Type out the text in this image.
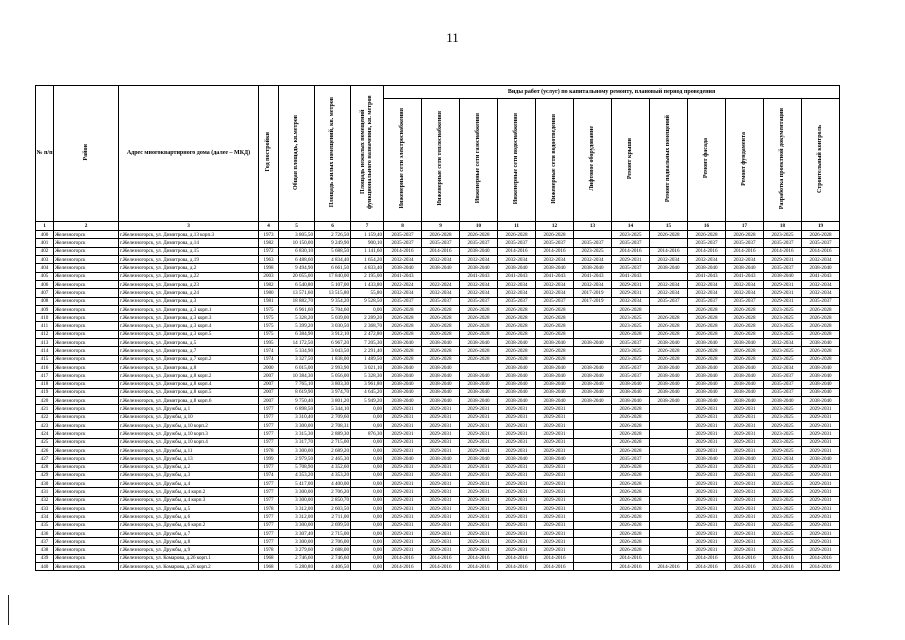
11
№ п/п	Район	Адрес многоквартирного дома (далее – МКД)	Год постройки	Общая площадь, кв.метров	Площадь жилых помещений, кв. метров	Площадь нежилых помещений функционального назначения, кв. метров	Виды работ (услуг) по капитальному ремонту, плановый период проведения											
							Инженерные сети электроснабжения	Инженерные сети теплоснабжения	Инженерные сети газоснабжения	Инженерные сети водоснабжения	Инженерные сети водоотведения	Лифтовое оборудование	Ремонт крыши	Ремонт подвальных помещений	Ремонт фасада	Ремонт фундамента	Разработка проектной документации	Строительный контроль
1	2	3	4	5	6	7	8	9	10	11	12	13	14	15	16	17	18	19
400	Железногорск	г.Железногорск, ул. Димитрова, д.13 корп.3	1973	3 805,50	2 726,50	1 159,40	2035-2037	2026-2028	2026-2028	2026-2028	2026-2028		2023-2025	2026-2028	2026-2028	2026-2028	2023-2025	2026-2028
401	Железногорск	г.Железногорск, ул. Димитрова, д.14	1982	10 150,00	9 249,90	900,10	2035-2037	2035-2037	2035-2037	2035-2037	2035-2037	2035-2037	2035-2037		2035-2037	2035-2037	2035-2037	2035-2037
402	Железногорск	г.Железногорск, ул. Димитрова, д.15	1972	6 830,10	5 688,50	1 141,60	2014-2016	2014-2016	2038-2040	2014-2016	2014-2016	2023-2025	2014-2016	2014-2016	2014-2016	2014-2016	2014-2016	2014-2016
403	Железногорск	г.Железногорск, ул. Димитрова, д.19	1963	6 488,60	4 834,40	1 654,20	2032-2034	2032-2034	2032-2034	2032-2034	2032-2034	2032-2034	2029-2031	2032-2034	2032-2034	2032-2034	2029-2031	2032-2034
404	Железногорск	г.Железногорск, ул. Димитрова, д.2	1998	9 494,90	6 661,50	4 833,40	2038-2040	2038-2040	2038-2040	2038-2040	2038-2040	2038-2040	2035-2037	2038-2040	2038-2040	2038-2040	2035-2037	2038-2040
405	Железногорск	г.Железногорск, ул. Димитрова, д.22	2003	20 055,00	17 840,00	2 195,00	2041-2043		2041-2043	2041-2043	2041-2043	2041-2043	2041-2043		2041-2043	2041-2043	2038-2040	2041-2043
406	Железногорск	г.Железногорск, ул. Димитрова, д.23	1982	6 540,80	5 107,00	1 433,80	2022-2024	2022-2024	2032-2034	2032-2034	2032-2034	2032-2034	2029-2031	2032-2034	2032-2034	2032-2034	2029-2031	2032-2034
407	Железногорск	г.Железногорск, ул. Димитрова, д.24	1980	13 571,60	13 515,80	55,80	2032-2034	2032-2034	2032-2034	2032-2034	2032-2034	2017-2019	2029-2031	2032-2034	2032-2034	2032-2034	2029-2031	2032-2034
408	Железногорск	г.Железногорск, ул. Димитрова, д.3	1981	18 882,70	9 354,20	9 528,50	2035-2037	2035-2037	2035-2037	2035-2037	2035-2037	2017-2019	2032-2034	2035-2037	2035-2037	2035-2037	2029-2031	2035-2037
409	Железногорск	г.Железногорск, ул. Димитрова, д.3 корп.1	1975	6 961,60	5 704,60	0,00	2026-2028	2026-2028	2026-2028	2026-2028	2026-2028		2026-2028		2026-2028	2026-2028	2023-2025	2026-2028
410	Железногорск	г.Железногорск, ул. Димитрова, д.3 корп.3	1975	5 328,20	5 039,00	2 289,20	2026-2028	2026-2028	2026-2028	2026-2028	2026-2028		2023-2025	2026-2028	2026-2028	2026-2028	2023-2025	2026-2028
411	Железногорск	г.Железногорск, ул. Димитрова, д.3 корп.4	1975	5 399,20	3 030,50	2 368,70	2026-2028	2026-2028	2026-2028	2026-2028	2026-2028		2023-2025	2026-2028	2026-2028	2026-2028	2023-2025	2026-2028
412	Железногорск	г.Железногорск, ул. Димитрова, д.3 корп.5	1975	6 384,90	3 912,10	2 472,80	2026-2028	2026-2028	2026-2028	2026-2028	2026-2028		2026-2028	2026-2028	2026-2028	2026-2028	2023-2025	2026-2028
413	Железногорск	г.Железногорск, ул. Димитрова, д.5	1995	14 172,50	6 967,20	7 205,30	2038-2040	2038-2040	2038-2040	2038-2040	2038-2040	2038-2040	2035-2037	2038-2040	2038-2040	2038-2040	2032-2034	2038-2040
414	Железногорск	г.Железногорск, ул. Димитрова, д.7	1974	5 334,90	3 043,50	2 291,40	2026-2028	2026-2028	2026-2028	2026-2028	2026-2028		2023-2025	2026-2028	2026-2028	2026-2028	2023-2025	2026-2028
415	Железногорск	г.Железногорск, ул. Димитрова, д.7 корп.2	1974	3 327,50	1 838,00	1 489,50	2026-2028	2026-2028	2026-2028	2026-2028	2026-2028		2023-2025	2026-2028	2026-2028	2026-2028	2023-2025	2026-2028
416	Железногорск	г.Железногорск, ул. Димитрова, д.8	2000	6 015,00	2 993,90	3 021,10	2038-2040	2038-2040		2038-2040	2038-2040	2038-2040	2035-2037	2038-2040	2038-2040	2038-2040	2032-2034	2038-2040
417	Железногорск	г.Железногорск, ул. Димитрова, д.8 корп.2	2007	10 384,30	5 056,00	5 328,30	2038-2040	2038-2040	2038-2040	2038-2040	2038-2040	2038-2040	2035-2037	2038-2040	2038-2040	2038-2040	2035-2037	2038-2040
418	Железногорск	г.Железногорск, ул. Димитрова, д.8 корп.4	2007	7 765,10	3 803,30	3 961,80	2038-2040	2038-2040	2038-2040	2038-2040	2038-2040	2038-2040	2038-2040	2038-2040	2038-2040	2038-2040	2035-2037	2038-2040
419	Железногорск	г.Железногорск, ул. Димитрова, д.8 корп.5	2007	8 619,90	3 974,70	4 645,20	2038-2040	2038-2040	2038-2040	2038-2040	2038-2040	2038-2040	2038-2040	2038-2040	2038-2040	2038-2040	2035-2037	2038-2040
420	Железногорск	г.Железногорск, ул. Димитрова, д.8 корп.6	2007	9 750,40	3 801,20	5 949,20	2038-2040	2038-2040	2038-2040	2038-2040	2038-2040	2038-2040	2038-2040	2038-2040	2038-2040	2038-2040	2038-2040	2038-2040
421	Железногорск	г.Железногорск, ул. Дружбы, д.1	1977	6 898,50	5 344,10	0,00	2029-2031	2029-2031	2029-2031	2029-2031	2029-2031		2026-2028		2029-2031	2029-2031	2023-2025	2029-2031
422	Железногорск	г.Железногорск, ул. Дружбы, д.10	1977	3 310,40	2 709,60	0,00	2029-2031	2029-2031	2029-2031	2029-2031	2029-2031		2026-2028		2029-2031	2029-2031	2023-2025	2029-2031
423	Железногорск	г.Железногорск, ул. Дружбы, д.10 корп.2	1977	3 300,00	2 708,31	0,00	2029-2031	2029-2031	2029-2031	2029-2031	2029-2031		2026-2028		2029-2031	2029-2031	2029-2025	2029-2031
424	Железногорск	г.Железногорск, ул. Дружбы, д.10 корп.3	1977	3 315,30	2 889,30	876,30	2029-2031	2029-2031	2029-2031	2029-2031	2029-2031		2026-2028		2029-2031	2029-2031	2023-2025	2029-2031
425	Железногорск	г.Железногорск, ул. Дружбы, д.10 корп.4	1977	3 317,70	2 715,00	0,00	2029-2031	2029-2031	2029-2031	2029-2031	2029-2031		2026-2028		2029-2031	2029-2031	2023-2025	2029-2031
426	Железногорск	г.Железногорск, ул. Дружбы, д.11	1978	3 300,00	2 689,20	0,00	2029-2031	2029-2031	2029-2031	2029-2031	2029-2031		2026-2028		2029-2031	2029-2031	2029-2025	2029-2031
427	Железногорск	г.Железногорск, ул. Дружбы, д.13	1999	2 979,50	2 465,30	0,00	2038-2040	2038-2040	2038-2040	2038-2040	2038-2040		2035-2037		2038-2040	2038-2040	2032-2034	2038-2040
428	Железногорск	г.Железногорск, ул. Дружбы, д.2	1977	5 708,90	4 352,60	0,00	2029-2031	2029-2031	2029-2031	2029-2031	2029-2031		2026-2028		2029-2031	2029-2031	2023-2025	2029-2031
429	Железногорск	г.Железногорск, ул. Дружбы, д.3	1974	4 353,20	4 353,20	0,00	2029-2031	2029-2031	2029-2031	2029-2031	2029-2031		2026-2028		2029-2031	2029-2031	2023-2025	2029-2031
430	Железногорск	г.Железногорск, ул. Дружбы, д.4	1977	5 417,00	4 400,00	0,00	2029-2031	2029-2031	2029-2031	2029-2031	2029-2031		2026-2028		2029-2031	2029-2031	2023-2025	2029-2031
431	Железногорск	г.Железногорск, ул. Дружбы, д.4 корп.2	1977	3 300,00	2 706,20	0,00	2029-2031	2029-2031	2029-2031	2029-2031	2029-2031		2026-2028		2029-2031	2029-2031	2023-2025	2029-2031
432	Железногорск	г.Железногорск, ул. Дружбы, д.4 корп.3	1977	3 300,00	2 850,70	0,00	2029-2031	2029-2031	2029-2031	2029-2031	2029-2031		2026-2028		2029-2031	2029-2031	2023-2025	2029-2031
433	Железногорск	г.Железногорск, ул. Дружбы, д.5	1978	3 312,00	2 603,50	0,00	2029-2031	2029-2031	2029-2031	2029-2031	2029-2031		2026-2028		2029-2031	2029-2031	2023-2025	2029-2031
434	Железногорск	г.Железногорск, ул. Дружбы, д.6	1977	3 312,00	2 711,00	0,00	2029-2031	2029-2031	2029-2031	2029-2031	2029-2031		2026-2028		2029-2031	2029-2031	2023-2025	2029-2031
435	Железногорск	г.Железногорск, ул. Дружбы, д.6 корп.2	1977	3 300,00	2 699,50	0,00	2029-2031	2029-2031	2029-2031	2029-2031	2029-2031		2026-2028		2029-2031	2029-2031	2023-2025	2029-2031
436	Железногорск	г.Железногорск, ул. Дружбы, д.7	1977	3 307,40	2 715,00	0,00	2029-2031	2029-2031	2029-2031	2029-2031	2029-2031		2026-2028		2029-2031	2029-2031	2023-2025	2029-2031
437	Железногорск	г.Железногорск, ул. Дружбы, д.8	1977	3 300,00	2 706,00	0,00	2029-2031	2029-2031	2029-2031	2029-2031	2029-2031		2026-2028		2029-2031	2029-2031	2023-2025	2029-2031
438	Железногорск	г.Железногорск, ул. Дружбы, д.9	1978	3 279,60	2 688,00	0,00	2029-2031	2029-2031	2029-2031	2029-2031	2029-2031		2026-2028		2029-2031	2029-2031	2023-2025	2029-2031
439	Железногорск	г.Железногорск, ул. Комарова, д.26 корп.1	1968	2 746,60	2 746,60	0,00	2014-2016	2014-2016	2014-2016	2014-2016	2014-2016		2014-2016		2014-2016	2014-2016	2014-2016	2014-2016
440	Железногорск	г.Железногорск, ул. Комарова, д.26 корп.2	1968	5 280,80	4 406,50	0,00	2014-2016	2014-2016	2014-2016	2014-2016	2014-2016		2014-2016	2014-2016	2014-2016	2014-2016	2014-2016	2014-2016
